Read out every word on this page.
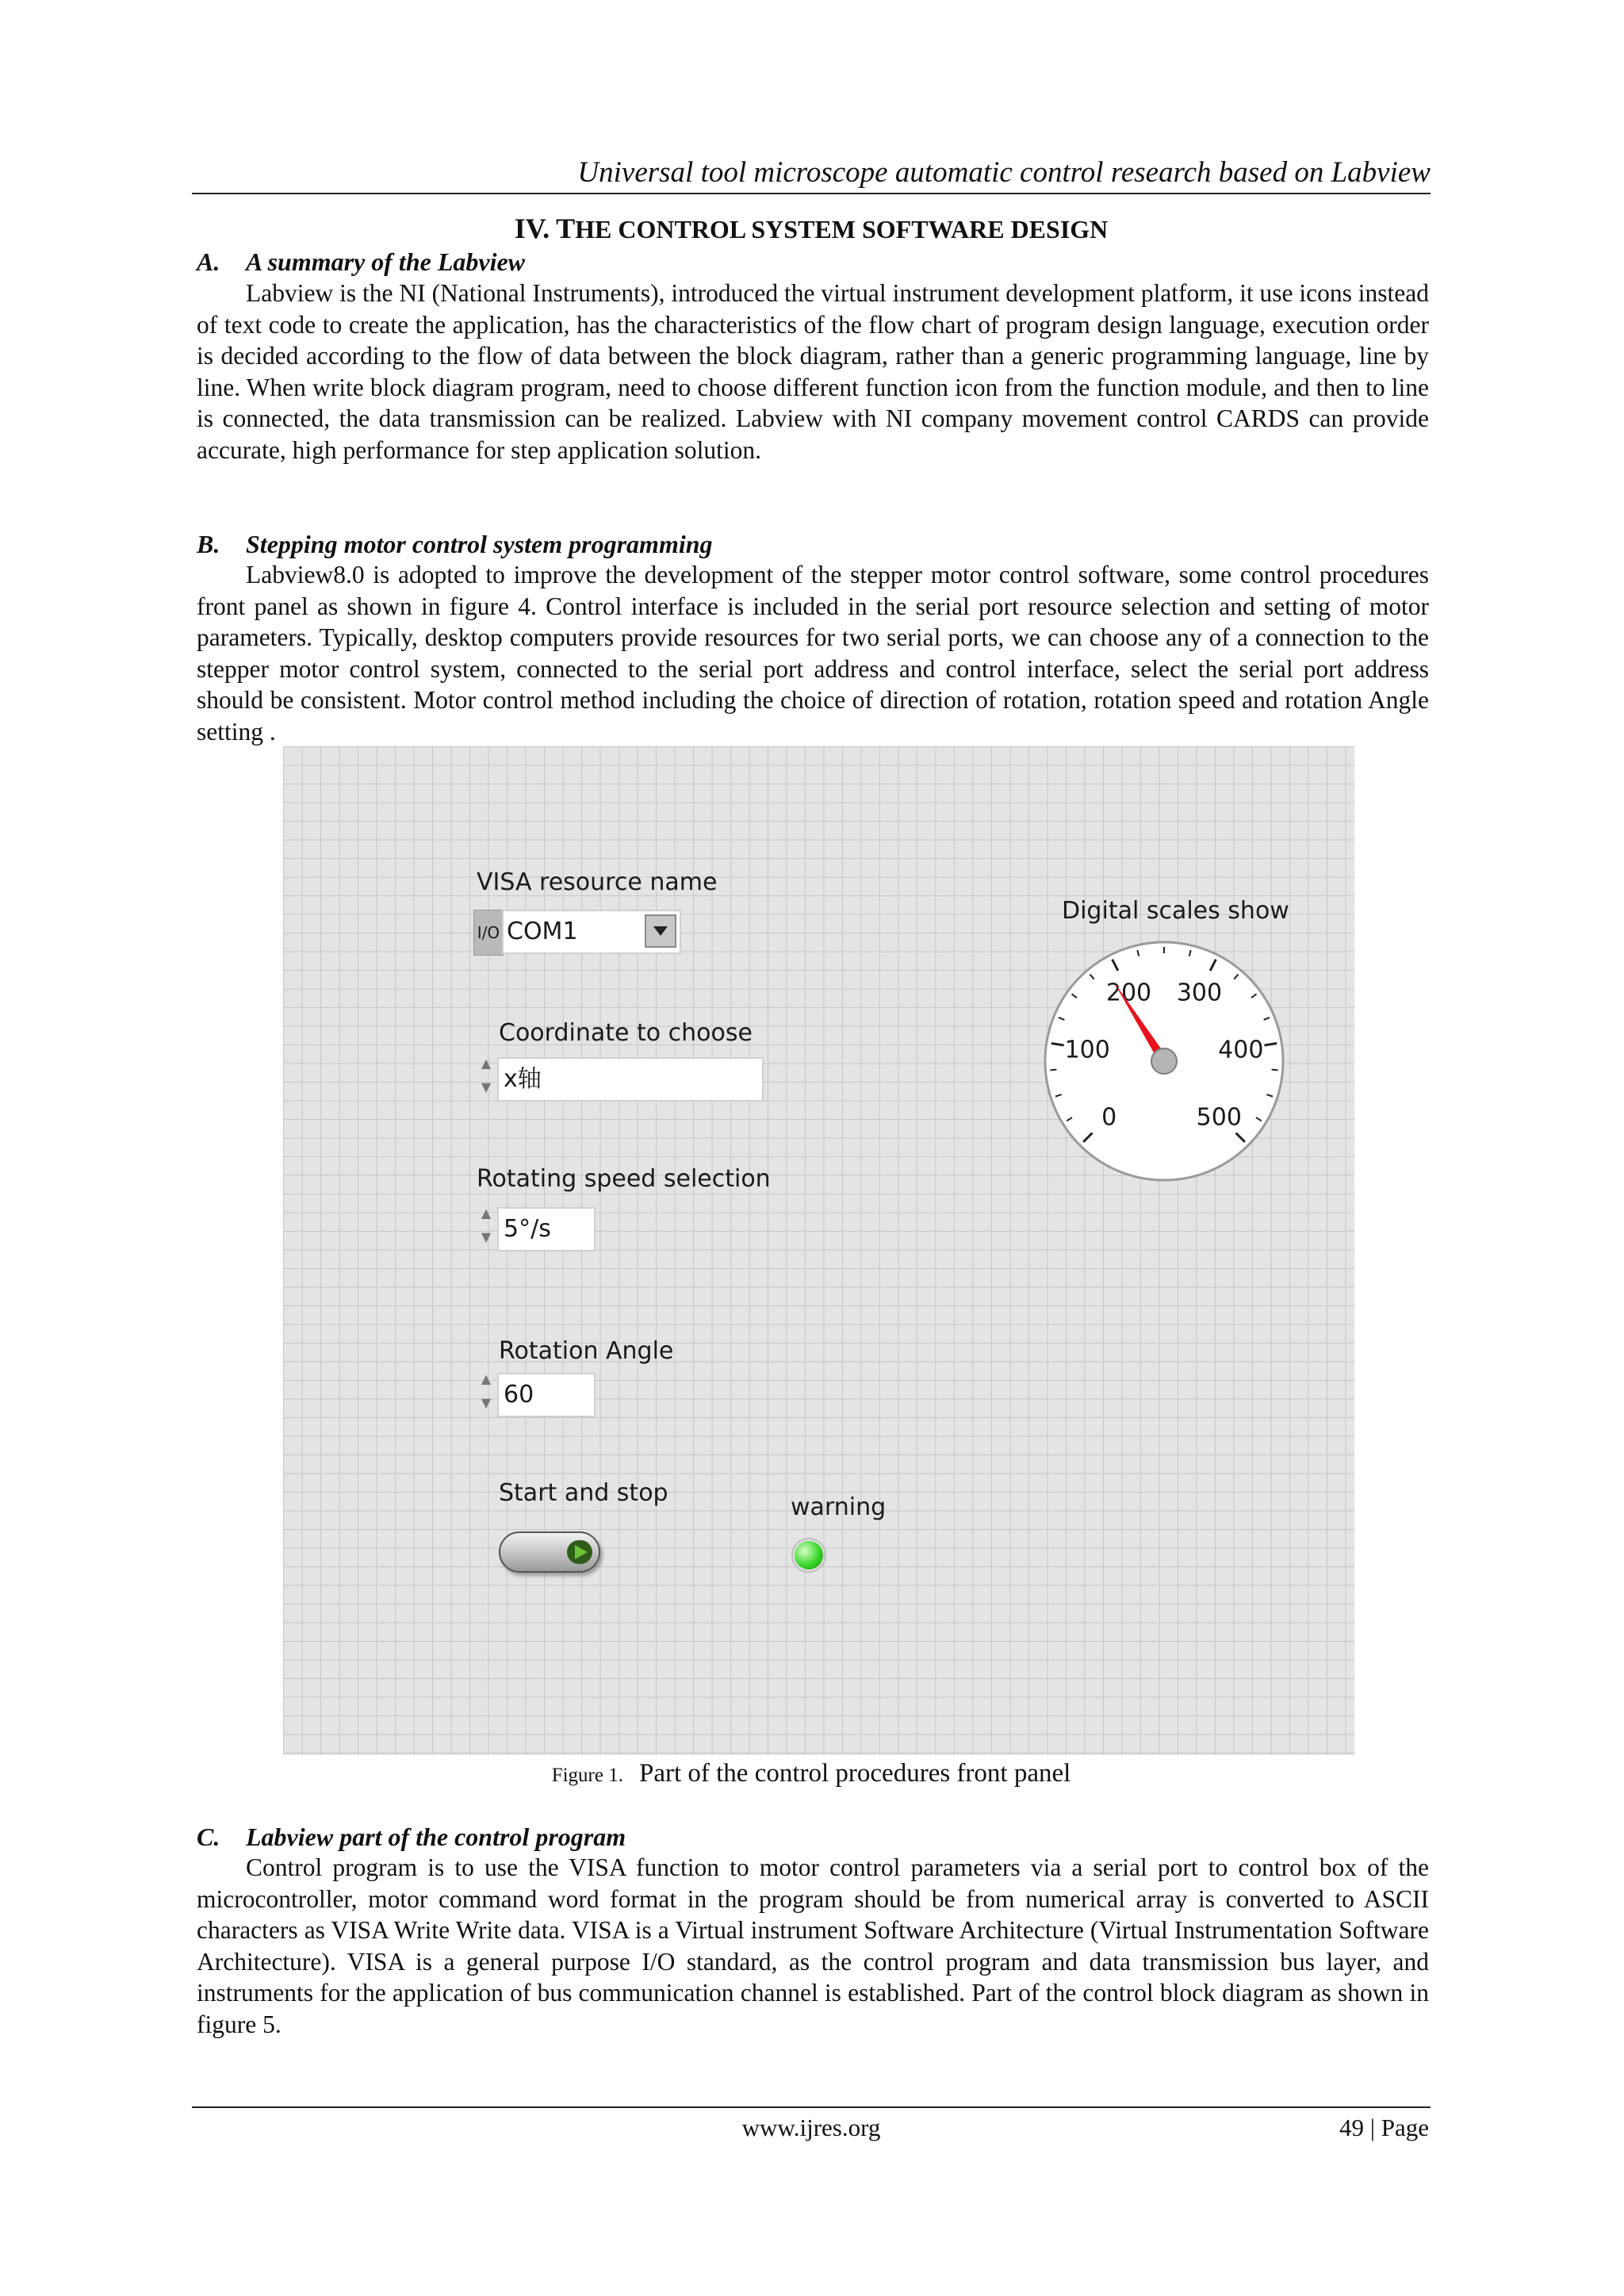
Universal tool microscope automatic control research based on Labview
IV. THE CONTROL SYSTEM SOFTWARE DESIGN
A. A summary of the Labview
Labview is the NI (National Instruments), introduced the virtual instrument development platform, it use icons instead of text code to create the application, has the characteristics of the flow chart of program design language, execution order is decided according to the flow of data between the block diagram, rather than a generic programming language, line by line. When write block diagram program, need to choose different function icon from the function module, and then to line is connected, the data transmission can be realized. Labview with NI company movement control CARDS can provide accurate, high performance for step application solution.
B. Stepping motor control system programming
Labview8.0 is adopted to improve the development of the stepper motor control software, some control procedures front panel as shown in figure 4. Control interface is included in the serial port resource selection and setting of motor parameters. Typically, desktop computers provide resources for two serial ports, we can choose any of a connection to the stepper motor control system, connected to the serial port address and control interface, select the serial port address should be consistent. Motor control method including the choice of direction of rotation, rotation speed and rotation Angle setting .
VISA resource name
I/O COM1
Coordinate to choose
▲
▼ x轴
Rotating speed selection
▲
▼ 5°/s
Rotation Angle
▲
▼ 60
Start and stop
warning
Digital scales show
0
100
200 300
400
500
Figure 1. Part of the control procedures front panel
C. Labview part of the control program
Control program is to use the VISA function to motor control parameters via a serial port to control box of the microcontroller, motor command word format in the program should be from numerical array is converted to ASCII characters as VISA Write Write data. VISA is a Virtual instrument Software Architecture (Virtual Instrumentation Software Architecture). VISA is a general purpose I/O standard, as the control program and data transmission bus layer, and instruments for the application of bus communication channel is established. Part of the control block diagram as shown in figure 5.
www.ijres.org	49 | Page
